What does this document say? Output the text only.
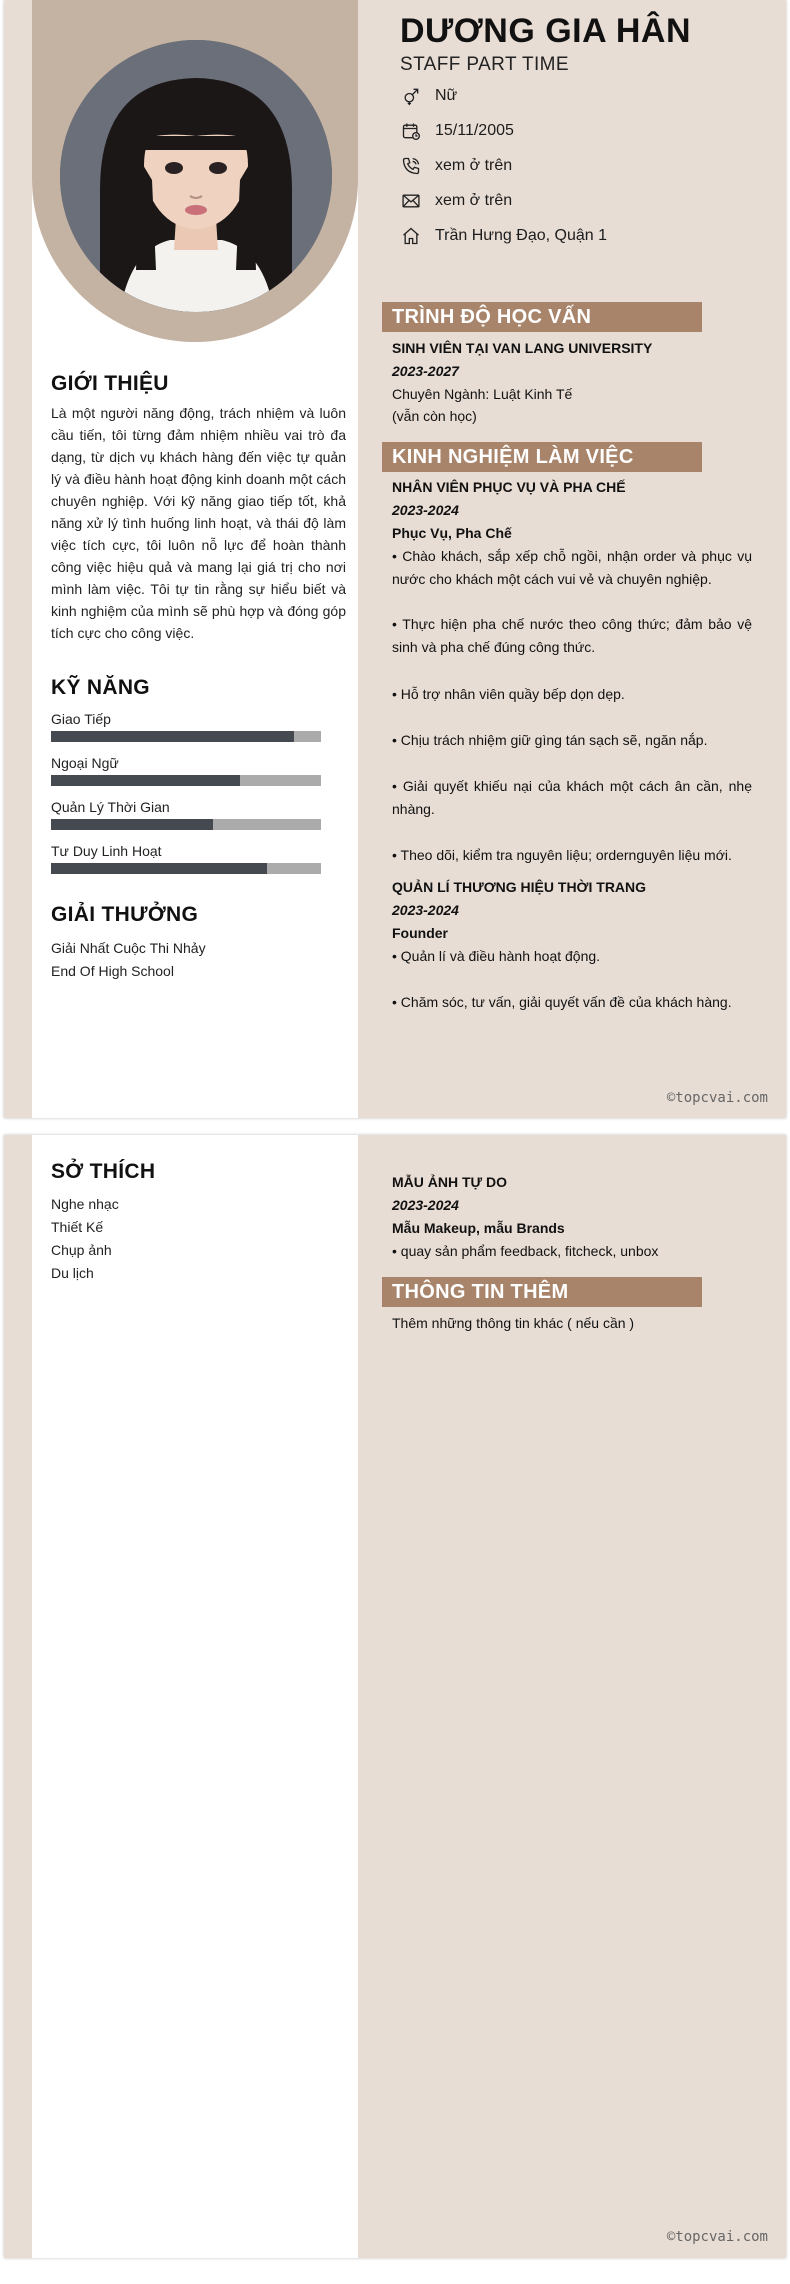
DƯƠNG GIA HÂN
STAFF PART TIME
Nữ
15/11/2005
xem ở trên
xem ở trên
Trần Hưng Đạo, Quận 1
GIỚI THIỆU
Là một người năng động, trách nhiệm và luôn cầu tiến, tôi từng đảm nhiệm nhiều vai trò đa dạng, từ dịch vụ khách hàng đến việc tự quản lý và điều hành hoạt động kinh doanh một cách chuyên nghiệp. Với kỹ năng giao tiếp tốt, khả năng xử lý tình huống linh hoạt, và thái độ làm việc tích cực, tôi luôn nỗ lực để hoàn thành công việc hiệu quả và mang lại giá trị cho nơi mình làm việc. Tôi tự tin rằng sự hiểu biết và kinh nghiệm của mình sẽ phù hợp và đóng góp tích cực cho công việc.
KỸ NĂNG
Giao Tiếp
Ngoại Ngữ
Quản Lý Thời Gian
Tư Duy Linh Hoạt
GIẢI THƯỞNG
Giải Nhất Cuộc Thi Nhảy
End Of High School
TRÌNH ĐỘ HỌC VẤN
SINH VIÊN TẠI VAN LANG UNIVERSITY
2023-2027
Chuyên Ngành: Luật Kinh Tế
(vẫn còn học)
KINH NGHIỆM LÀM VIỆC
NHÂN VIÊN PHỤC VỤ VÀ PHA CHẾ
2023-2024
Phục Vụ, Pha Chế
• Chào khách, sắp xếp chỗ ngồi, nhận order và phục vụ nước cho khách một cách vui vẻ và chuyên nghiệp.
• Thực hiện pha chế nước theo công thức; đảm bảo vệ sinh và pha chế đúng công thức.
• Hỗ trợ nhân viên quầy bếp dọn dẹp.
• Chịu trách nhiệm giữ gìng tán sạch sẽ, ngăn nắp.
• Giải quyết khiếu nại của khách một cách ân cần, nhẹ nhàng.
• Theo dõi, kiểm tra nguyên liệu; ordernguyên liệu mới.
QUẢN LÍ THƯƠNG HIỆU THỜI TRANG
2023-2024
Founder
• Quản lí và điều hành hoạt động.
• Chăm sóc, tư vấn, giải quyết vấn đề của khách hàng.
©topcvai.com
SỞ THÍCH
Nghe nhạc
Thiết Kế
Chụp ảnh
Du lịch
MẪU ẢNH TỰ DO
2023-2024
Mẫu Makeup, mẫu Brands
• quay sản phẩm feedback, fitcheck, unbox
THÔNG TIN THÊM
Thêm những thông tin khác ( nếu cần )
©topcvai.com
